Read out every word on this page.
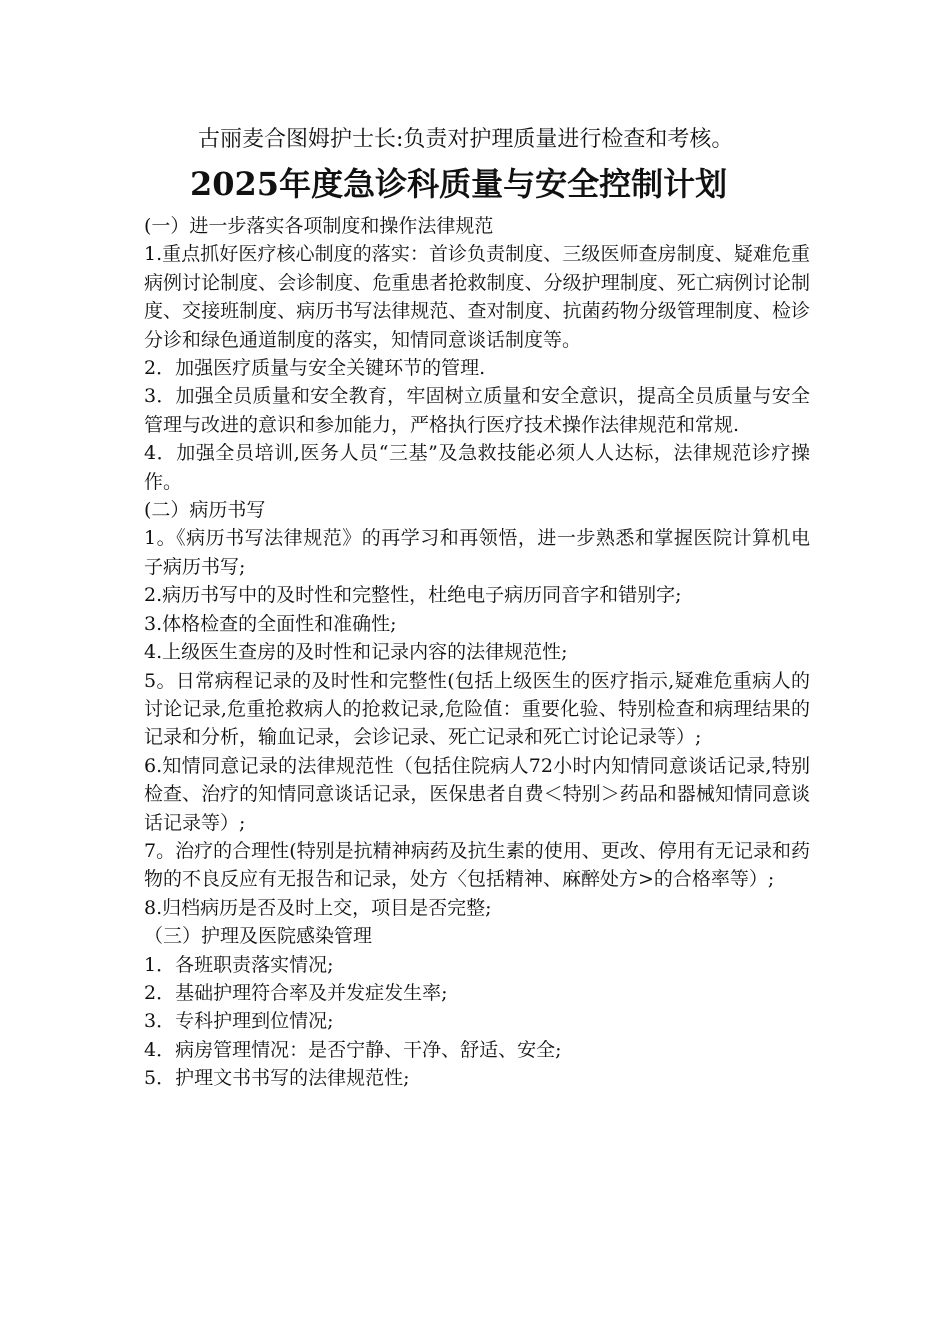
古丽麦合图姆护士长:负责对护理质量进行检查和考核。
2025年度急诊科质量与安全控制计划

(一）进一步落实各项制度和操作法律规范

1.重点抓好医疗核心制度的落实：首诊负责制度、三级医师查房制度、疑难危重病例讨论制度、会诊制度、危重患者抢救制度、分级护理制度、死亡病例讨论制度、交接班制度、病历书写法律规范、查对制度、抗菌药物分级管理制度、检诊分诊和绿色通道制度的落实，知情同意谈话制度等。

2．加强医疗质量与安全关键环节的管理.

3．加强全员质量和安全教育，牢固树立质量和安全意识，提高全员质量与安全管理与改进的意识和参加能力，严格执行医疗技术操作法律规范和常规.

4．加强全员培训,医务人员“三基”及急救技能必须人人达标，法律规范诊疗操作。

(二）病历书写

1。《病历书写法律规范》的再学习和再领悟，进一步熟悉和掌握医院计算机电子病历书写;

2.病历书写中的及时性和完整性，杜绝电子病历同音字和错别字;

3.体格检查的全面性和准确性;

4.上级医生查房的及时性和记录内容的法律规范性;

5。日常病程记录的及时性和完整性(包括上级医生的医疗指示,疑难危重病人的讨论记录,危重抢救病人的抢救记录,危险值：重要化验、特别检查和病理结果的记录和分析，输血记录，会诊记录、死亡记录和死亡讨论记录等）;

6.知情同意记录的法律规范性（包括住院病人72小时内知情同意谈话记录,特别检查、治疗的知情同意谈话记录，医保患者自费＜特别＞药品和器械知情同意谈话记录等）;

7。治疗的合理性(特别是抗精神病药及抗生素的使用、更改、停用有无记录和药物的不良反应有无报告和记录，处方〈包括精神、麻醉处方>的合格率等）;

8.归档病历是否及时上交，项目是否完整;

（三）护理及医院感染管理

1．各班职责落实情况;

2．基础护理符合率及并发症发生率;

3．专科护理到位情况;

4．病房管理情况：是否宁静、干净、舒适、安全;

5．护理文书书写的法律规范性;
